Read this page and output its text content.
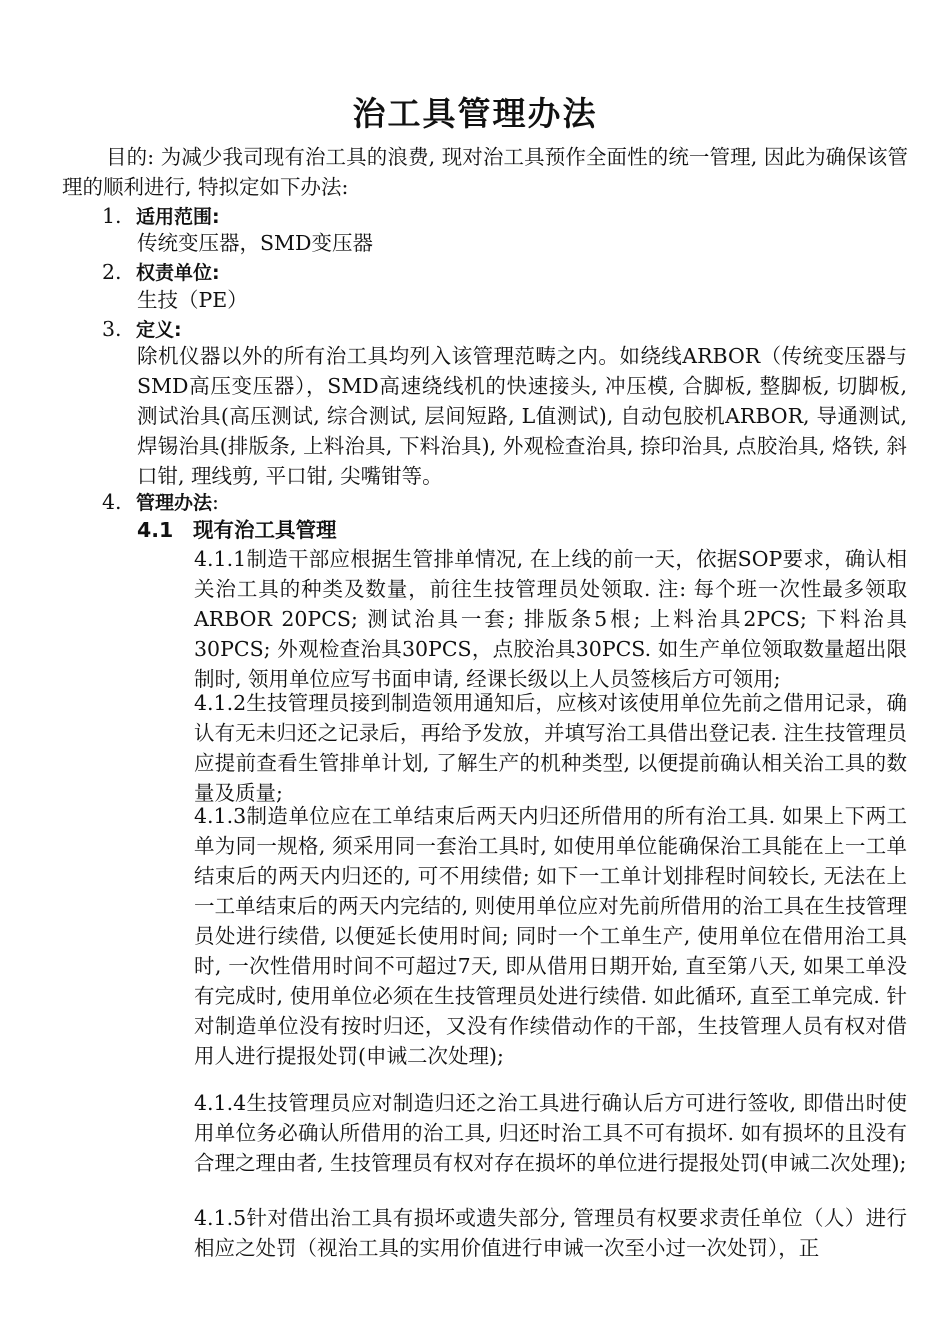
治工具管理办法
目的: 为减少我司现有治工具的浪费, 现对治工具预作全面性的统一管理, 因此为确保该管理的顺利进行, 特拟定如下办法:
1. 适用范围:
传统变压器，SMD变压器
2. 权责单位:
生技（PE）
3. 定义:
除机仪器以外的所有治工具均列入该管理范畴之内。如绕线ARBOR（传统变压器与SMD高压变压器），SMD高速绕线机的快速接头, 冲压模, 合脚板, 整脚板, 切脚板, 测试治具(高压测试, 综合测试, 层间短路, L值测试), 自动包胶机ARBOR, 导通测试, 焊锡治具(排版条, 上料治具, 下料治具), 外观检查治具, 捺印治具, 点胶治具, 烙铁, 斜口钳, 理线剪, 平口钳, 尖嘴钳等。
4. 管理办法:
4.1 现有治工具管理
4.1.1制造干部应根据生管排单情况, 在上线的前一天，依据SOP要求，确认相关治工具的种类及数量，前往生技管理员处领取. 注: 每个班一次性最多领取ARBOR 20PCS; 测试治具一套; 排版条5根; 上料治具2PCS; 下料治具30PCS; 外观检查治具30PCS，点胶治具30PCS. 如生产单位领取数量超出限制时, 领用单位应写书面申请, 经课长级以上人员签核后方可领用;
4.1.2生技管理员接到制造领用通知后，应核对该使用单位先前之借用记录，确认有无未归还之记录后，再给予发放，并填写治工具借出登记表. 注生技管理员应提前查看生管排单计划, 了解生产的机种类型, 以便提前确认相关治工具的数量及质量;
4.1.3制造单位应在工单结束后两天内归还所借用的所有治工具. 如果上下两工单为同一规格, 须采用同一套治工具时, 如使用单位能确保治工具能在上一工单结束后的两天内归还的, 可不用续借; 如下一工单计划排程时间较长, 无法在上一工单结束后的两天内完结的, 则使用单位应对先前所借用的治工具在生技管理员处进行续借, 以便延长使用时间; 同时一个工单生产, 使用单位在借用治工具时, 一次性借用时间不可超过7天, 即从借用日期开始, 直至第八天, 如果工单没有完成时, 使用单位必须在生技管理员处进行续借. 如此循环, 直至工单完成. 针对制造单位没有按时归还，又没有作续借动作的干部，生技管理人员有权对借用人进行提报处罚(申诫二次处理);
4.1.4生技管理员应对制造归还之治工具进行确认后方可进行签收, 即借出时使用单位务必确认所借用的治工具, 归还时治工具不可有损坏. 如有损坏的且没有合理之理由者, 生技管理员有权对存在损坏的单位进行提报处罚(申诫二次处理);
4.1.5针对借出治工具有损坏或遗失部分, 管理员有权要求责任单位（人）进行相应之处罚（视治工具的实用价值进行申诫一次至小过一次处罚），正
